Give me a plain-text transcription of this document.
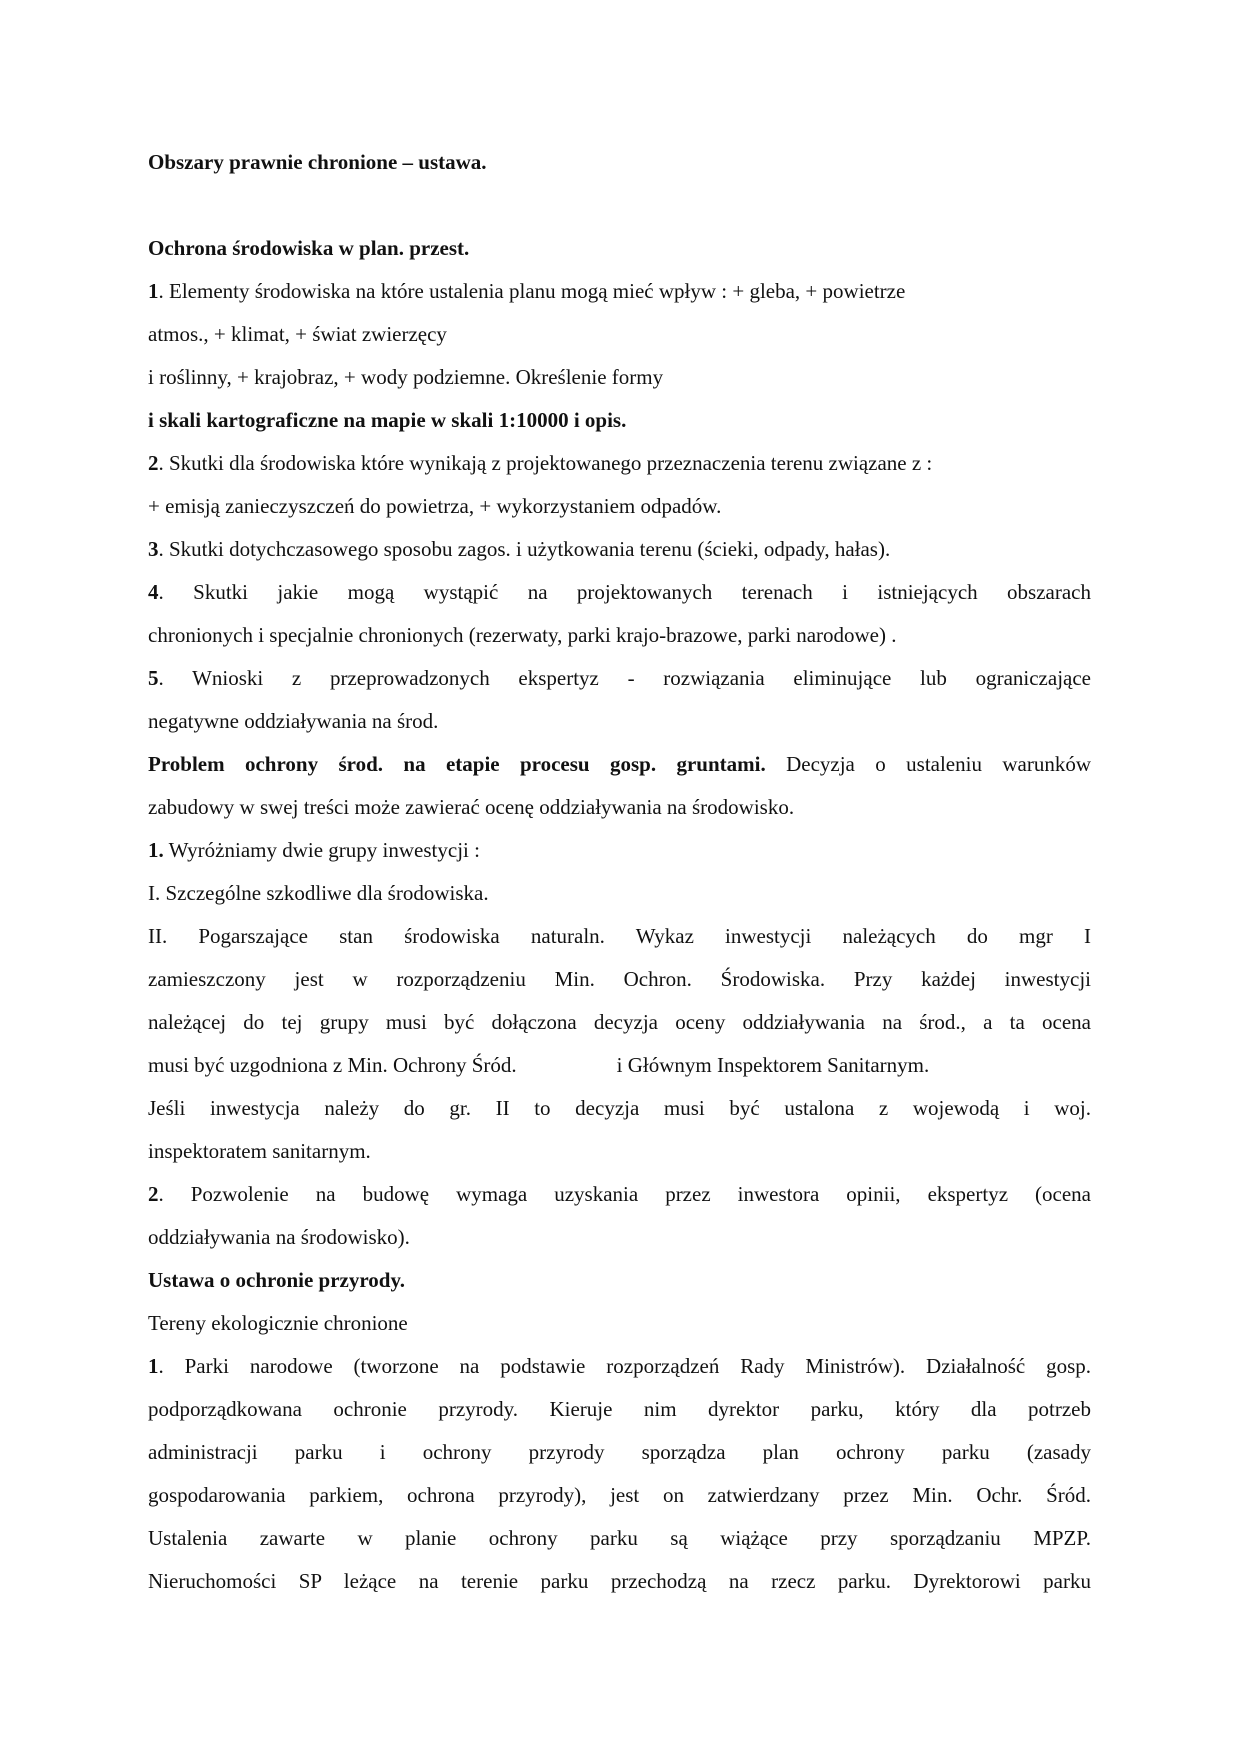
Obszary prawnie chronione – ustawa.
Ochrona środowiska w plan. przest.
1. Elementy środowiska na które ustalenia planu mogą mieć wpływ : + gleba, + powietrze
atmos., + klimat, + świat zwierzęcy
i roślinny, + krajobraz, + wody podziemne. Określenie formy
i skali kartograficzne na mapie w skali 1:10000 i opis.
2. Skutki dla środowiska które wynikają z projektowanego przeznaczenia terenu związane z :
+ emisją zanieczyszczeń do powietrza, + wykorzystaniem odpadów.
3. Skutki dotychczasowego sposobu zagos. i użytkowania terenu (ścieki, odpady, hałas).
4. Skutki jakie mogą wystąpić na projektowanych terenach i istniejących obszarach
chronionych i specjalnie chronionych (rezerwaty, parki krajo-brazowe, parki narodowe) .
5. Wnioski z przeprowadzonych ekspertyz - rozwiązania eliminujące lub ograniczające
negatywne oddziaływania na środ.
Problem ochrony środ. na etapie procesu gosp. gruntami. Decyzja o ustaleniu warunków
zabudowy w swej treści może zawierać ocenę oddziaływania na środowisko.
1. Wyróżniamy dwie grupy inwestycji :
I. Szczególne szkodliwe dla środowiska.
II. Pogarszające stan środowiska naturaln. Wykaz inwestycji należących do mgr I
zamieszczony jest w rozporządzeniu Min. Ochron. Środowiska. Przy każdej inwestycji
należącej do tej grupy musi być dołączona decyzja oceny oddziaływania na środ., a ta ocena
musi być uzgodniona z Min. Ochrony Śród.	i Głównym Inspektorem Sanitarnym.
Jeśli inwestycja należy do gr. II to decyzja musi być ustalona z wojewodą i woj.
inspektoratem sanitarnym.
2. Pozwolenie na budowę wymaga uzyskania przez inwestora opinii, ekspertyz (ocena
oddziaływania na środowisko).
Ustawa o ochronie przyrody.
Tereny ekologicznie chronione
1. Parki narodowe (tworzone na podstawie rozporządzeń Rady Ministrów). Działalność gosp.
podporządkowana ochronie przyrody. Kieruje nim dyrektor parku, który dla potrzeb
administracji parku i ochrony przyrody sporządza plan ochrony parku (zasady
gospodarowania parkiem, ochrona przyrody), jest on zatwierdzany przez Min. Ochr. Śród.
Ustalenia zawarte w planie ochrony parku są wiążące przy sporządzaniu MPZP.
Nieruchomości SP leżące na terenie parku przechodzą na rzecz parku. Dyrektorowi parku
